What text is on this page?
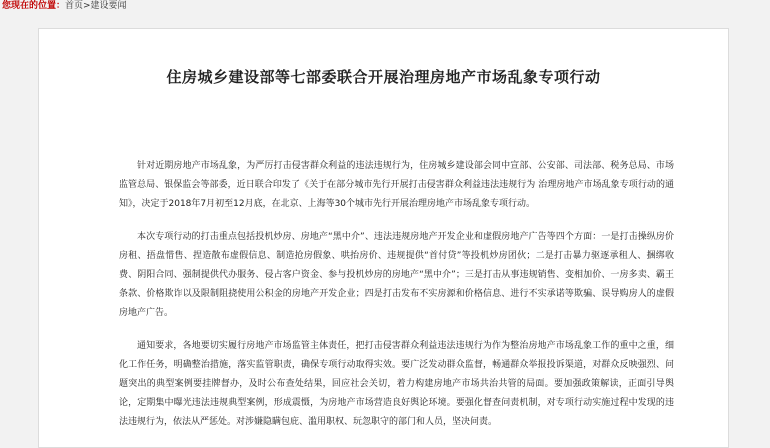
您现在的位置：首页>建设要闻
住房城乡建设部等七部委联合开展治理房地产市场乱象专项行动

针对近期房地产市场乱象，为严厉打击侵害群众利益的违法违规行为，住房城乡建设部会同中宣部、公安部、司法部、税务总局、市场监管总局、银保监会等部委，近日联合印发了《关于在部分城市先行开展打击侵害群众利益违法违规行为 治理房地产市场乱象专项行动的通知》，决定于2018年7月初至12月底，在北京、上海等30个城市先行开展治理房地产市场乱象专项行动。

本次专项行动的打击重点包括投机炒房、房地产“黑中介”、违法违规房地产开发企业和虚假房地产广告等四个方面：一是打击操纵房价房租、捂盘惜售、捏造散布虚假信息、制造抢房假象、哄抬房价、违规提供“首付贷”等投机炒房团伙；二是打击暴力驱逐承租人、捆绑收费、阴阳合同、强制提供代办服务、侵占客户资金、参与投机炒房的房地产“黑中介”；三是打击从事违规销售、变相加价、一房多卖、霸王条款、价格欺诈以及限制阻挠使用公积金的房地产开发企业；四是打击发布不实房源和价格信息、进行不实承诺等欺骗、误导购房人的虚假房地产广告。

通知要求，各地要切实履行房地产市场监管主体责任，把打击侵害群众利益违法违规行为作为整治房地产市场乱象工作的重中之重，细化工作任务，明确整治措施，落实监管职责，确保专项行动取得实效。要广泛发动群众监督，畅通群众举报投诉渠道，对群众反映强烈、问题突出的典型案例要挂牌督办，及时公布查处结果，回应社会关切，着力构建房地产市场共治共管的局面。要加强政策解读，正面引导舆论，定期集中曝光违法违规典型案例，形成震慑，为房地产市场营造良好舆论环境。要强化督查问责机制，对专项行动实施过程中发现的违法违规行为，依法从严惩处。对涉嫌隐瞒包庇、滥用职权、玩忽职守的部门和人员，坚决问责。
